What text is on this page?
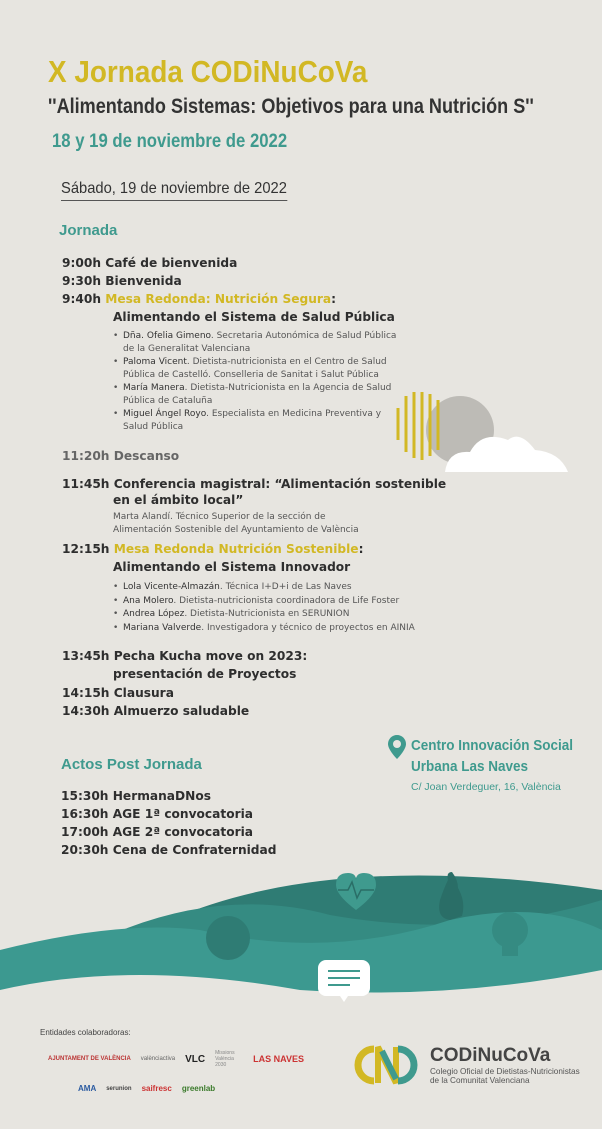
X Jornada CODiNuCoVa
''Alimentando Sistemas: Objetivos para una Nutrición S''
18 y 19 de noviembre de 2022
Sábado, 19 de noviembre de 2022
Jornada
9:00h Café de bienvenida
9:30h Bienvenida
9:40h Mesa Redonda: Nutrición Segura:
Alimentando el Sistema de Salud Pública
• Dña. Ofelia Gimeno. Secretaria Autonómica de Salud Pública de la Generalitat Valenciana
• Paloma Vicent. Dietista-nutricionista en el Centro de Salud Pública de Castelló. Conselleria de Sanitat i Salut Pública
• María Manera. Dietista-Nutricionista en la Agencia de Salud Pública de Cataluña
• Miguel Ángel Royo. Especialista en Medicina Preventiva y Salud Pública
11:20h Descanso
11:45h Conferencia magistral: “Alimentación sostenible
en el ámbito local”
Marta Alandí. Técnico Superior de la sección de Alimentación Sostenible del Ayuntamiento de València
12:15h Mesa Redonda Nutrición Sostenible:
Alimentando el Sistema Innovador
• Lola Vicente-Almazán. Técnica I+D+i de Las Naves
• Ana Molero. Dietista-nutricionista coordinadora de Life Foster
• Andrea López. Dietista-Nutricionista en SERUNION
• Mariana Valverde. Investigadora y técnico de proyectos en AINIA
13:45h Pecha Kucha move on 2023:
presentación de Proyectos
14:15h Clausura
14:30h Almuerzo saludable
Actos Post Jornada
15:30h HermanaDNos
16:30h AGE 1ª convocatoria
17:00h AGE 2ª convocatoria
20:30h Cena de Confraternidad
Centro Innovación Social
Urbana Las Naves
C/ Joan Verdeguer, 16, València
Entidades colaboradoras:
AJUNTAMENT DE VALÈNCIA valènciactiva VLC
Missions València 2030
LAS NAVES
AMA serunion saifresc greenlab
CODiNuCoVa
Colegio Oficial de Dietistas-Nutricionistas
de la Comunitat Valenciana
